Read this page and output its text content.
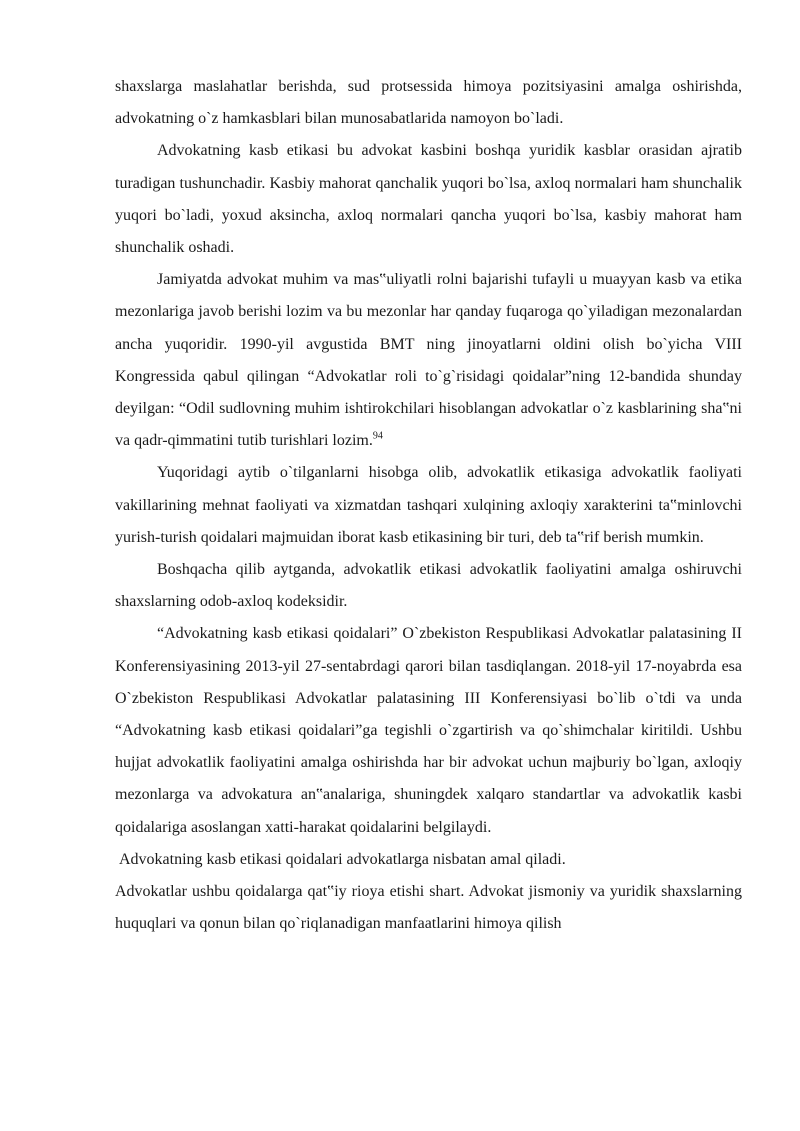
shaxslarga maslahatlar berishda, sud protsessida himoya pozitsiyasini amalga oshirishda, advokatning o`z hamkasblari bilan munosabatlarida namoyon bo`ladi.

Advokatning kasb etikasi bu advokat kasbini boshqa yuridik kasblar orasidan ajratib turadigan tushunchadir. Kasbiy mahorat qanchalik yuqori bo`lsa, axloq normalari ham shunchalik yuqori bo`ladi, yoxud aksincha, axloq normalari qancha yuqori bo`lsa, kasbiy mahorat ham shunchalik oshadi.

Jamiyatda advokat muhim va mas‟uliyatli rolni bajarishi tufayli u muayyan kasb va etika mezonlariga javob berishi lozim va bu mezonlar har qanday fuqaroga qo`yiladigan mezonalardan ancha yuqoridir. 1990-yil avgustida BMT ning jinoyatlarni oldini olish bo`yicha VIII Kongressida qabul qilingan “Advokatlar roli to`g`risidagi qoidalar”ning 12-bandida shunday deyilgan: “Odil sudlovning muhim ishtirokchilari hisoblangan advokatlar o`z kasblarining sha‟ni va qadr-qimmatini tutib turishlari lozim.$^{94}$

Yuqoridagi aytib o`tilganlarni hisobga olib, advokatlik etikasiga advokatlik faoliyati vakillarining mehnat faoliyati va xizmatdan tashqari xulqining axloqiy xarakterini ta‟minlovchi yurish-turish qoidalari majmuidan iborat kasb etikasining bir turi, deb ta‟rif berish mumkin.

Boshqacha qilib aytganda, advokatlik etikasi advokatlik faoliyatini amalga oshiruvchi shaxslarning odob-axloq kodeksidir.

“Advokatning kasb etikasi qoidalari” O`zbekiston Respublikasi Advokatlar palatasining II Konferensiyasining 2013-yil 27-sentabrdagi qarori bilan tasdiqlangan. 2018-yil 17-noyabrda esa O`zbekiston Respublikasi Advokatlar palatasining III Konferensiyasi bo`lib o`tdi va unda “Advokatning kasb etikasi qoidalari”ga tegishli o`zgartirish va qo`shimchalar kiritildi. Ushbu hujjat advokatlik faoliyatini amalga oshirishda har bir advokat uchun majburiy bo`lgan, axloqiy mezonlarga va advokatura an‟analariga, shuningdek xalqaro standartlar va advokatlik kasbi qoidalariga asoslangan xatti-harakat qoidalarini belgilaydi.

Advokatning kasb etikasi qoidalari advokatlarga nisbatan amal qiladi.

Advokatlar ushbu qoidalarga qat‟iy rioya etishi shart. Advokat jismoniy va yuridik shaxslarning huquqlari va qonun bilan qo`riqlanadigan manfaatlarini himoya qilish
